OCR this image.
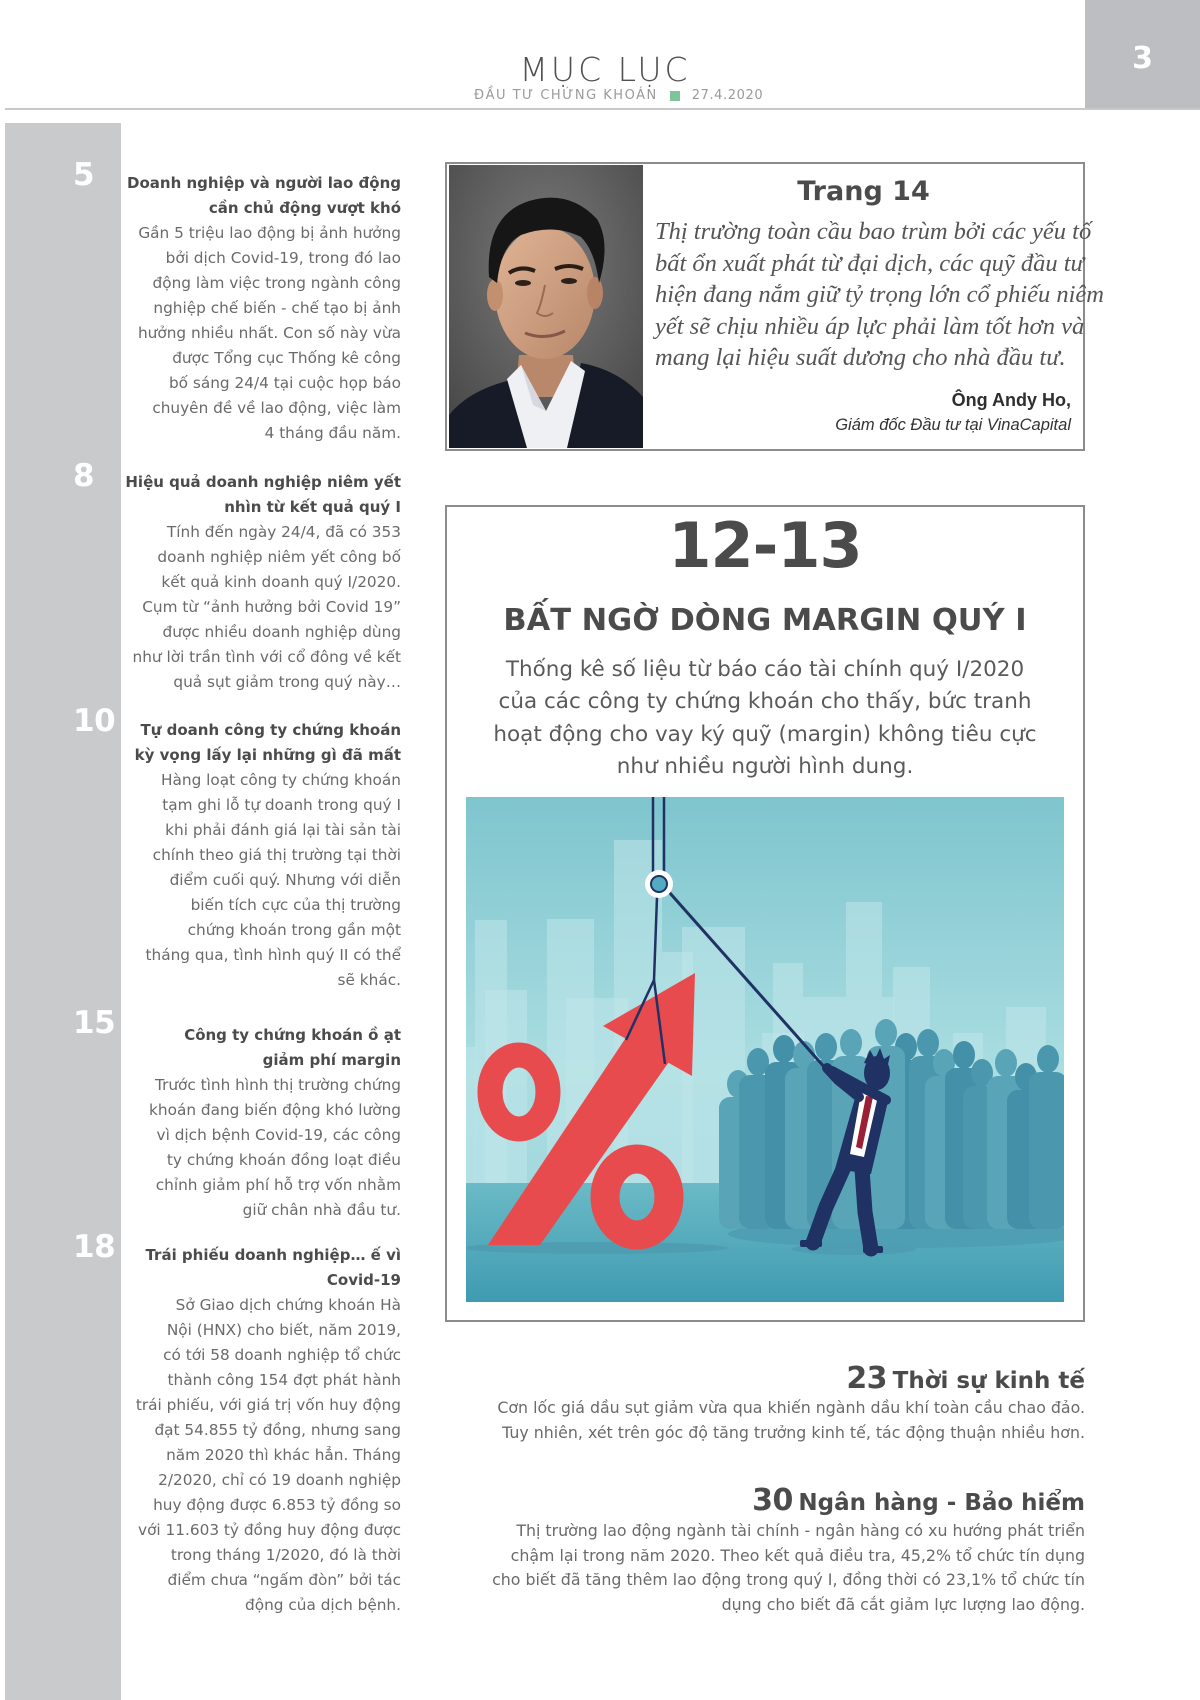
MỤC LỤC
ĐẦU TƯ CHỨNG KHOÁN	27.4.2020
3
5	Doanh nghiệp và người lao động
cần chủ động vượt khó
Gần 5 triệu lao động bị ảnh hưởng
bởi dịch Covid-19, trong đó lao
động làm việc trong ngành công
nghiệp chế biến - chế tạo bị ảnh
hưởng nhiều nhất. Con số này vừa
được Tổng cục Thống kê công
bố sáng 24/4 tại cuộc họp báo
chuyên đề về lao động, việc làm
4 tháng đầu năm.
8	Hiệu quả doanh nghiệp niêm yết
nhìn từ kết quả quý I
Tính đến ngày 24/4, đã có 353
doanh nghiệp niêm yết công bố
kết quả kinh doanh quý I/2020.
Cụm từ “ảnh hưởng bởi Covid 19”
được nhiều doanh nghiệp dùng
như lời trần tình với cổ đông về kết
quả sụt giảm trong quý này…
10	Tự doanh công ty chứng khoán
kỳ vọng lấy lại những gì đã mất
Hàng loạt công ty chứng khoán
tạm ghi lỗ tự doanh trong quý I
khi phải đánh giá lại tài sản tài
chính theo giá thị trường tại thời
điểm cuối quý. Nhưng với diễn
biến tích cực của thị trường
chứng khoán trong gần một
tháng qua, tình hình quý II có thể
sẽ khác.
15	Công ty chứng khoán ồ ạt
giảm phí margin
Trước tình hình thị trường chứng
khoán đang biến động khó lường
vì dịch bệnh Covid-19, các công
ty chứng khoán đồng loạt điều
chỉnh giảm phí hỗ trợ vốn nhằm
giữ chân nhà đầu tư.
18	Trái phiếu doanh nghiệp… ế vì
Covid-19
Sở Giao dịch chứng khoán Hà
Nội (HNX) cho biết, năm 2019,
có tới 58 doanh nghiệp tổ chức
thành công 154 đợt phát hành
trái phiếu, với giá trị vốn huy động
đạt 54.855 tỷ đồng, nhưng sang
năm 2020 thì khác hẳn. Tháng
2/2020, chỉ có 19 doanh nghiệp
huy động được 6.853 tỷ đồng so
với 11.603 tỷ đồng huy động được
trong tháng 1/2020, đó là thời
điểm chưa “ngấm đòn” bởi tác
động của dịch bệnh.
Trang 14
Thị trường toàn cầu bao trùm bởi các yếu tố
bất ổn xuất phát từ đại dịch, các quỹ đầu tư
hiện đang nắm giữ tỷ trọng lớn cổ phiếu niêm
yết sẽ chịu nhiều áp lực phải làm tốt hơn và
mang lại hiệu suất dương cho nhà đầu tư.
Ông Andy Ho,
Giám đốc Đầu tư tại VinaCapital
12-13
BẤT NGỜ DÒNG MARGIN QUÝ I
Thống kê số liệu từ báo cáo tài chính quý I/2020
của các công ty chứng khoán cho thấy, bức tranh
hoạt động cho vay ký quỹ (margin) không tiêu cực
như nhiều người hình dung.
23 Thời sự kinh tế
Cơn lốc giá dầu sụt giảm vừa qua khiến ngành dầu khí toàn cầu chao đảo.
Tuy nhiên, xét trên góc độ tăng trưởng kinh tế, tác động thuận nhiều hơn.
30 Ngân hàng - Bảo hiểm
Thị trường lao động ngành tài chính - ngân hàng có xu hướng phát triển
chậm lại trong năm 2020. Theo kết quả điều tra, 45,2% tổ chức tín dụng
cho biết đã tăng thêm lao động trong quý I, đồng thời có 23,1% tổ chức tín
dụng cho biết đã cắt giảm lực lượng lao động.
